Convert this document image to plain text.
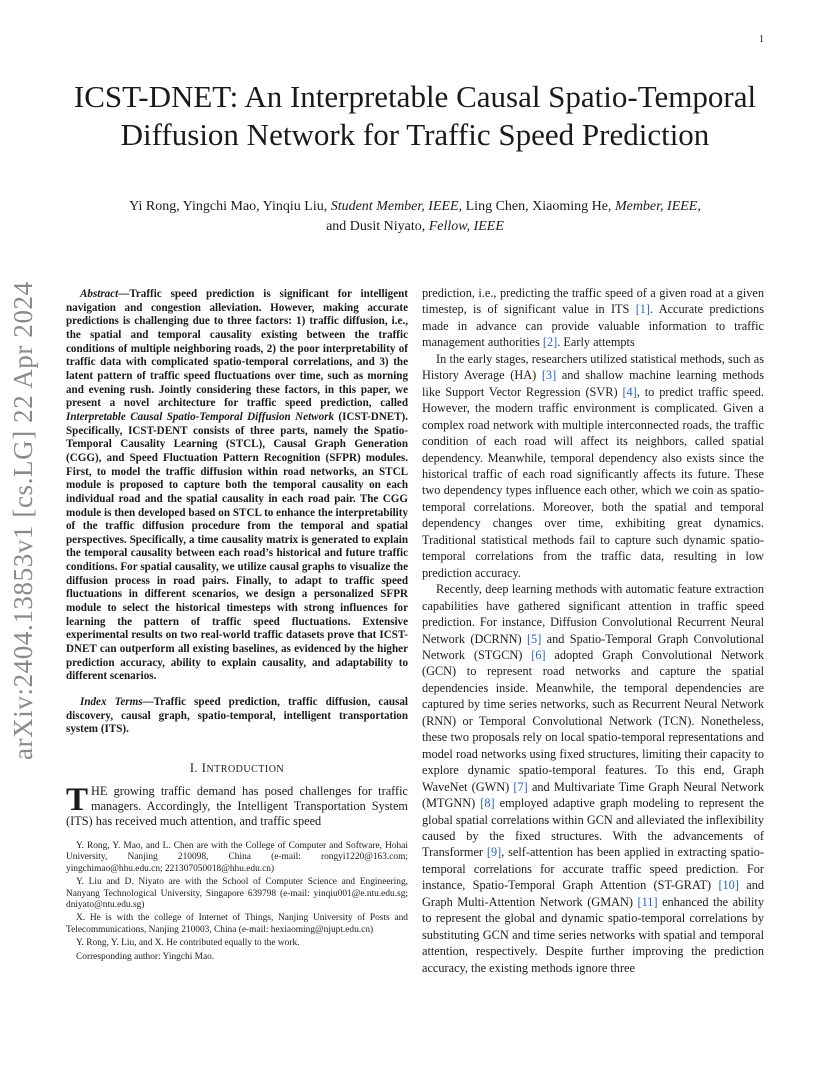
1
arXiv:2404.13853v1 [cs.LG] 22 Apr 2024
ICST-DNET: An Interpretable Causal Spatio-Temporal Diffusion Network for Traffic Speed Prediction
Yi Rong, Yingchi Mao, Yinqiu Liu, Student Member, IEEE, Ling Chen, Xiaoming He, Member, IEEE,
and Dusit Niyato, Fellow, IEEE

Abstract—Traffic speed prediction is significant for intelligent navigation and congestion alleviation. However, making accurate predictions is challenging due to three factors: 1) traffic diffusion, i.e., the spatial and temporal causality existing between the traffic conditions of multiple neighboring roads, 2) the poor interpretability of traffic data with complicated spatio-temporal correlations, and 3) the latent pattern of traffic speed fluctuations over time, such as morning and evening rush. Jointly considering these factors, in this paper, we present a novel architecture for traffic speed prediction, called Interpretable Causal Spatio-Temporal Diffusion Network (ICST-DNET). Specifically, ICST-DENT consists of three parts, namely the Spatio-Temporal Causality Learning (STCL), Causal Graph Generation (CGG), and Speed Fluctuation Pattern Recognition (SFPR) modules. First, to model the traffic diffusion within road networks, an STCL module is proposed to capture both the temporal causality on each individual road and the spatial causality in each road pair. The CGG module is then developed based on STCL to enhance the interpretability of the traffic diffusion procedure from the temporal and spatial perspectives. Specifically, a time causality matrix is generated to explain the temporal causality between each road’s historical and future traffic conditions. For spatial causality, we utilize causal graphs to visualize the diffusion process in road pairs. Finally, to adapt to traffic speed fluctuations in different scenarios, we design a personalized SFPR module to select the historical timesteps with strong influences for learning the pattern of traffic speed fluctuations. Extensive experimental results on two real-world traffic datasets prove that ICST-DNET can outperform all existing baselines, as evidenced by the higher prediction accuracy, ability to explain causality, and adaptability to different scenarios.

Index Terms—Traffic speed prediction, traffic diffusion, causal discovery, causal graph, spatio-temporal, intelligent transportation system (ITS).

I. INTRODUCTION

THE growing traffic demand has posed challenges for traffic managers. Accordingly, the Intelligent Transportation System (ITS) has received much attention, and traffic speed

Y. Rong, Y. Mao, and L. Chen are with the College of Computer and Software, Hohai University, Nanjing 210098, China (e-mail: rongyi1220@163.com; yingchimao@hhu.edu.cn; 221307050018@hhu.edu.cn)

Y. Liu and D. Niyato are with the School of Computer Science and Engineering, Nanyang Technological University, Singapore 639798 (e-mail: yinqiu001@e.ntu.edu.sg; dniyato@ntu.edu.sg)

X. He is with the college of Internet of Things, Nanjing University of Posts and Telecommunications, Nanjing 210003, China (e-mail: hexiaoming@njupt.edu.cn)

Y. Rong, Y. Liu, and X. He contributed equally to the work.

Corresponding author: Yingchi Mao.

prediction, i.e., predicting the traffic speed of a given road at a given timestep, is of significant value in ITS [1]. Accurate predictions made in advance can provide valuable information to traffic management authorities [2]. Early attempts

In the early stages, researchers utilized statistical methods, such as History Average (HA) [3] and shallow machine learning methods like Support Vector Regression (SVR) [4], to predict traffic speed. However, the modern traffic environment is complicated. Given a complex road network with multiple interconnected roads, the traffic condition of each road will affect its neighbors, called spatial dependency. Meanwhile, temporal dependency also exists since the historical traffic of each road significantly affects its future. These two dependency types influence each other, which we coin as spatio-temporal correlations. Moreover, both the spatial and temporal dependency changes over time, exhibiting great dynamics. Traditional statistical methods fail to capture such dynamic spatio-temporal correlations from the traffic data, resulting in low prediction accuracy.

Recently, deep learning methods with automatic feature extraction capabilities have gathered significant attention in traffic speed prediction. For instance, Diffusion Convolutional Recurrent Neural Network (DCRNN) [5] and Spatio-Temporal Graph Convolutional Network (STGCN) [6] adopted Graph Convolutional Network (GCN) to represent road networks and capture the spatial dependencies inside. Meanwhile, the temporal dependencies are captured by time series networks, such as Recurrent Neural Network (RNN) or Temporal Convolutional Network (TCN). Nonetheless, these two proposals rely on local spatio-temporal representations and model road networks using fixed structures, limiting their capacity to explore dynamic spatio-temporal features. To this end, Graph WaveNet (GWN) [7] and Multivariate Time Graph Neural Network (MTGNN) [8] employed adaptive graph modeling to represent the global spatial correlations within GCN and alleviated the inflexibility caused by the fixed structures. With the advancements of Transformer [9], self-attention has been applied in extracting spatio-temporal correlations for accurate traffic speed prediction. For instance, Spatio-Temporal Graph Attention (ST-GRAT) [10] and Graph Multi-Attention Network (GMAN) [11] enhanced the ability to represent the global and dynamic spatio-temporal correlations by substituting GCN and time series networks with spatial and temporal attention, respectively. Despite further improving the prediction accuracy, the existing methods ignore three
